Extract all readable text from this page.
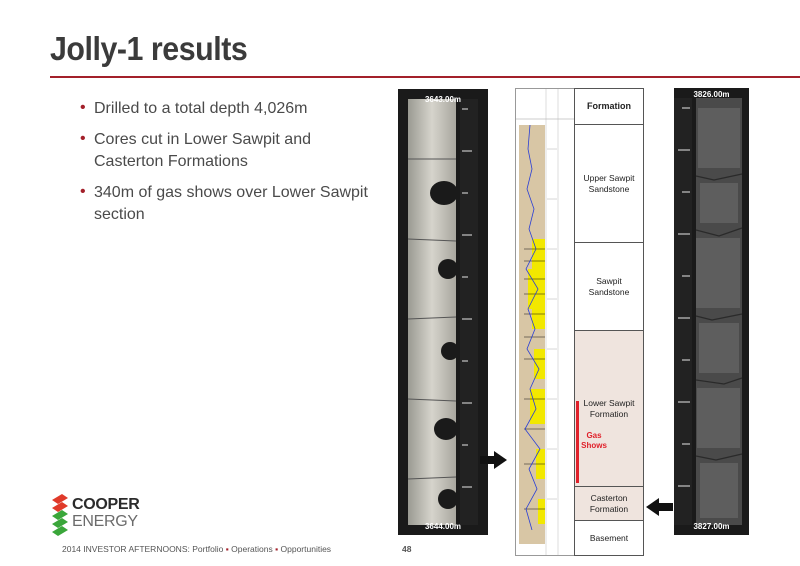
Jolly-1 results
• Drilled to a total depth 4,026m
• Cores cut in Lower Sawpit and Casterton Formations
• 340m of gas shows over Lower Sawpit section
3643.00m
3644.00m
Formation
Upper Sawpit
Sandstone
Sawpit
Sandstone
Lower Sawpit
Formation
Casterton
Formation
Basement
Gas
Shows
3826.00m
3827.00m
COOPER
ENERGY
2014 INVESTOR AFTERNOONS: Portfolio ▪ Operations ▪ Opportunities	48
